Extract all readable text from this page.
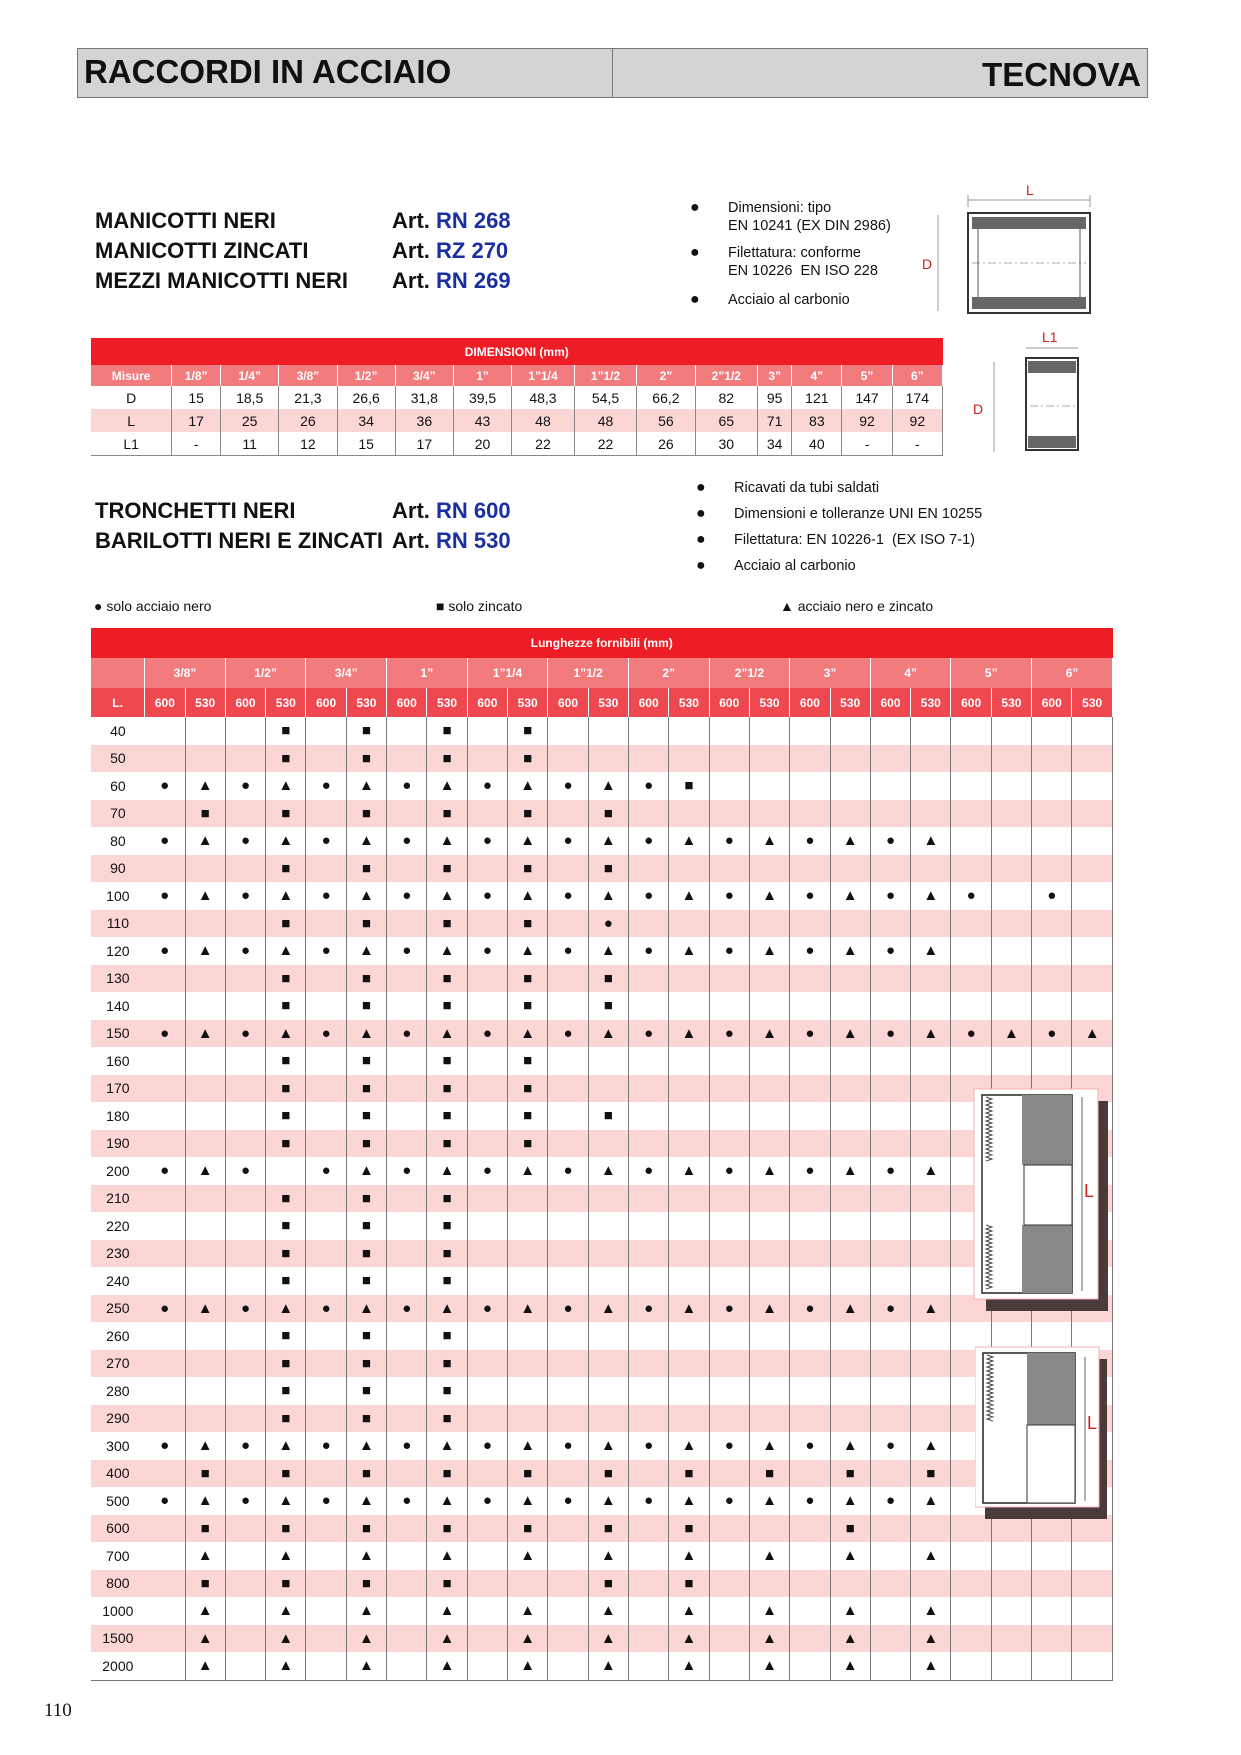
RACCORDI IN ACCIAIO	TECNOVA
MANICOTTI NERI	Art. RN 268
MANICOTTI ZINCATI	Art. RZ 270
MEZZI MANICOTTI NERI Art. RN 269
● Dimensioni: tipo
EN 10241 (EX DIN 2986)
● Filettatura: conforme
EN 10226  EN ISO 228
● Acciaio al carbonio
L
D
L1
D
DIMENSIONI (mm)														
Misure	1/8”	1/4”	3/8”	1/2”	3/4”	1”	1”1/4	1”1/2	2”	2”1/2	3”	4”	5”	6”
D	15	18,5	21,3	26,6	31,8	39,5	48,3	54,5	66,2	82	95	121	147	174
L	17	25	26	34	36	43	48	48	56	65	71	83	92	92
L1	-	11	12	15	17	20	22	22	26	30	34	40	-	-
TRONCHETTI NERI	Art. RN 600
BARILOTTI NERI E ZINCATI Art. RN 530
● Ricavati da tubi saldati
● Dimensioni e tolleranze UNI EN 10255
● Filettatura: EN 10226-1  (EX ISO 7-1)
● Acciaio al carbonio
● solo acciaio nero	■ solo zincato	▲ acciaio nero e zincato
Lunghezze fornibili (mm)																								
	3/8”		1/2”		3/4”		1”		1”1/4		1”1/2		2”		2”1/2		3”		4”		5”		6”	
L.	600	530	600	530	600	530	600	530	600	530	600	530	600	530	600	530	600	530	600	530	600	530	600	530
40				■		■		■		■														
50				■		■		■		■														
60	●	▲	●	▲	●	▲	●	▲	●	▲	●	▲	●	■										
70		■		■		■		■		■		■												
80	●	▲	●	▲	●	▲	●	▲	●	▲	●	▲	●	▲	●	▲	●	▲	●	▲				
90				■		■		■		■		■												
100	●	▲	●	▲	●	▲	●	▲	●	▲	●	▲	●	▲	●	▲	●	▲	●	▲	●		●	
110				■		■		■		■		●												
120	●	▲	●	▲	●	▲	●	▲	●	▲	●	▲	●	▲	●	▲	●	▲	●	▲				
130				■		■		■		■		■												
140				■		■		■		■		■												
150	●	▲	●	▲	●	▲	●	▲	●	▲	●	▲	●	▲	●	▲	●	▲	●	▲	●	▲	●	▲
160				■		■		■		■														
170				■		■		■		■														
180				■		■		■		■		■												
190				■		■		■		■														
200	●	▲	●		●	▲	●	▲	●	▲	●	▲	●	▲	●	▲	●	▲	●	▲				
210				■		■		■																
220				■		■		■																
230				■		■		■																
240				■		■		■																
250	●	▲	●	▲	●	▲	●	▲	●	▲	●	▲	●	▲	●	▲	●	▲	●	▲				
260				■		■		■																
270				■		■		■																
280				■		■		■																
290				■		■		■																
300	●	▲	●	▲	●	▲	●	▲	●	▲	●	▲	●	▲	●	▲	●	▲	●	▲				
400		■		■		■		■		■		■		■		■		■		■				
500	●	▲	●	▲	●	▲	●	▲	●	▲	●	▲	●	▲	●	▲	●	▲	●	▲				
600		■		■		■		■		■		■		■				■						
700		▲		▲		▲		▲		▲		▲		▲		▲		▲		▲				
800		■		■		■		■				■		■										
1000		▲		▲		▲		▲		▲		▲		▲		▲		▲		▲				
1500		▲		▲		▲		▲		▲		▲		▲		▲		▲		▲				
2000		▲		▲		▲		▲		▲		▲		▲		▲		▲		▲				
L
L
110
